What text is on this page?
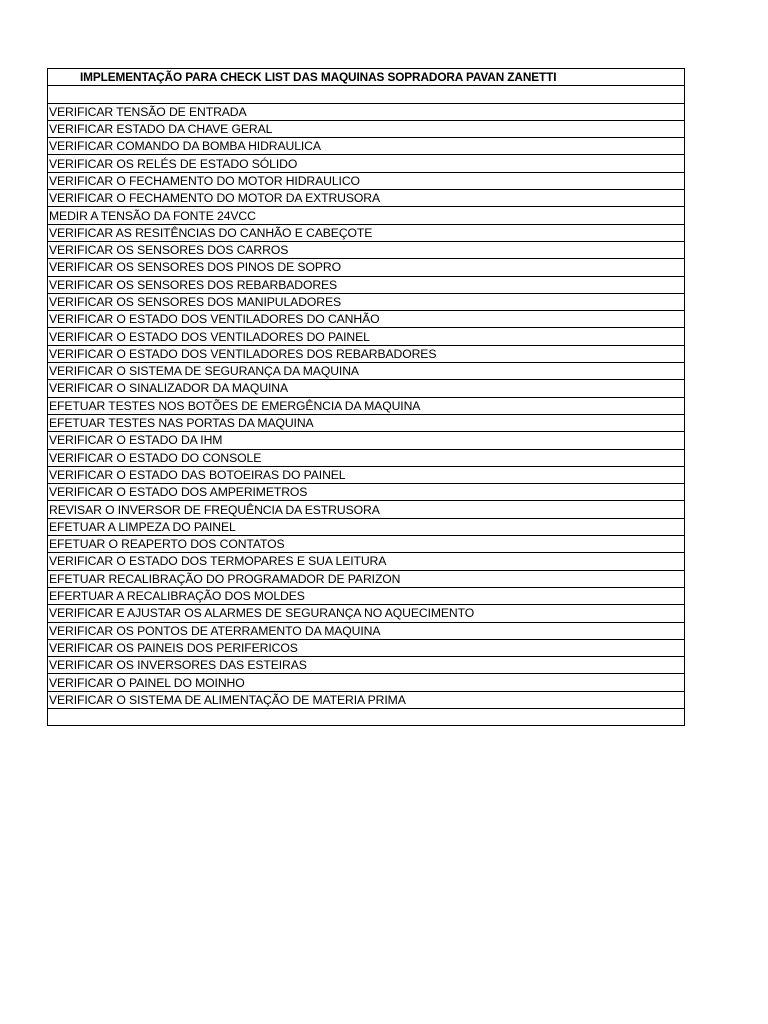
IMPLEMENTAÇÃO PARA CHECK LIST DAS MAQUINAS SOPRADORA PAVAN ZANETTI
VERIFICAR TENSÃO DE ENTRADA
VERIFICAR ESTADO DA CHAVE GERAL
VERIFICAR COMANDO DA BOMBA HIDRAULICA
VERIFICAR OS RELÉS DE ESTADO SÓLIDO
VERIFICAR O FECHAMENTO DO MOTOR HIDRAULICO
VERIFICAR O FECHAMENTO DO MOTOR DA EXTRUSORA
MEDIR A TENSÃO DA FONTE 24VCC
VERIFICAR AS RESITÊNCIAS DO CANHÃO E CABEÇOTE
VERIFICAR OS SENSORES DOS CARROS
VERIFICAR OS SENSORES DOS PINOS DE SOPRO
VERIFICAR OS SENSORES DOS REBARBADORES
VERIFICAR OS SENSORES DOS MANIPULADORES
VERIFICAR O ESTADO DOS VENTILADORES DO CANHÃO
VERIFICAR O ESTADO DOS VENTILADORES DO PAINEL
VERIFICAR O ESTADO DOS VENTILADORES DOS REBARBADORES
VERIFICAR O SISTEMA DE SEGURANÇA DA MAQUINA
VERIFICAR O SINALIZADOR DA MAQUINA
EFETUAR TESTES NOS BOTÕES DE EMERGÊNCIA DA MAQUINA
EFETUAR TESTES NAS PORTAS DA MAQUINA
VERIFICAR O ESTADO DA IHM
VERIFICAR O ESTADO DO CONSOLE
VERIFICAR O ESTADO DAS BOTOEIRAS DO PAINEL
VERIFICAR O ESTADO DOS AMPERIMETROS
REVISAR O INVERSOR DE FREQUÊNCIA DA ESTRUSORA
EFETUAR A LIMPEZA DO PAINEL
EFETUAR O REAPERTO DOS CONTATOS
VERIFICAR O ESTADO DOS TERMOPARES E SUA LEITURA
EFETUAR RECALIBRAÇÃO DO PROGRAMADOR DE PARIZON
EFERTUAR A RECALIBRAÇÃO DOS MOLDES
VERIFICAR E AJUSTAR OS ALARMES DE SEGURANÇA NO AQUECIMENTO
VERIFICAR OS PONTOS DE ATERRAMENTO DA MAQUINA
VERIFICAR OS PAINEIS DOS PERIFERICOS
VERIFICAR OS INVERSORES DAS ESTEIRAS
VERIFICAR O PAINEL DO MOINHO
VERIFICAR O SISTEMA DE ALIMENTAÇÃO DE MATERIA PRIMA
